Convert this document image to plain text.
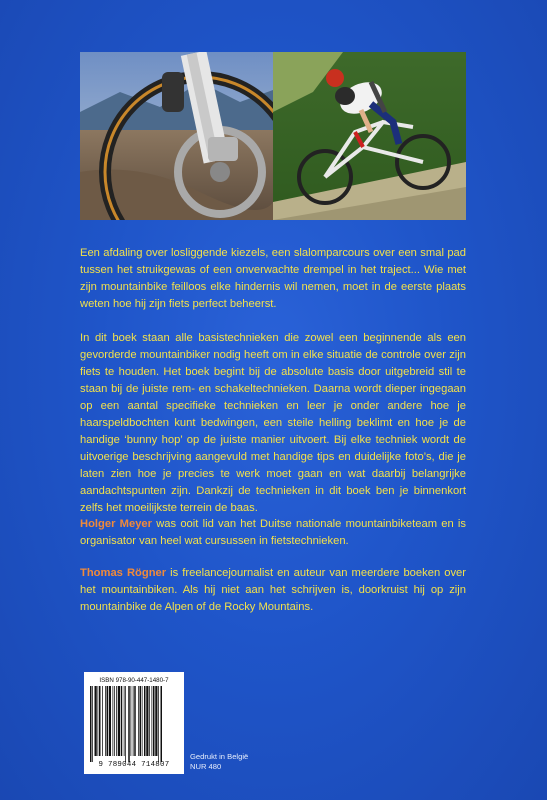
Een afdaling over losliggende kiezels, een slalomparcours over een smal pad tussen het struikgewas of een onverwachte drempel in het traject... Wie met zijn mountainbike feilloos elke hindernis wil nemen, moet in de eerste plaats weten hoe hij zijn fiets perfect beheerst.

In dit boek staan alle basistechnieken die zowel een beginnende als een gevorderde mountainbiker nodig heeft om in elke situatie de controle over zijn fiets te houden. Het boek begint bij de absolute basis door uitgebreid stil te staan bij de juiste rem- en schakeltechnieken. Daarna wordt dieper ingegaan op een aantal specifieke technieken en leer je onder andere hoe je haarspeldbochten kunt bedwingen, een steile helling beklimt en hoe je de handige ‘bunny hop’ op de juiste manier uitvoert. Bij elke techniek wordt de uitvoerige beschrijving aangevuld met handige tips en duidelijke foto’s, die je laten zien hoe je precies te werk moet gaan en wat daarbij belangrijke aandachtspunten zijn. Dankzij de technieken in dit boek ben je binnenkort zelfs het moeilijkste terrein de baas.

Holger Meyer was ooit lid van het Duitse nationale mountainbiketeam en is organisator van heel wat cursussen in fietstechnieken.

Thomas Rögner is freelancejournalist en auteur van meerdere boeken over het mountainbiken. Als hij niet aan het schrijven is, doorkruist hij op zijn mountainbike de Alpen of de Rocky Mountains.

ISBN 978-90-447-1480-7
9 789044 714807
Gedrukt in België
NUR 480
